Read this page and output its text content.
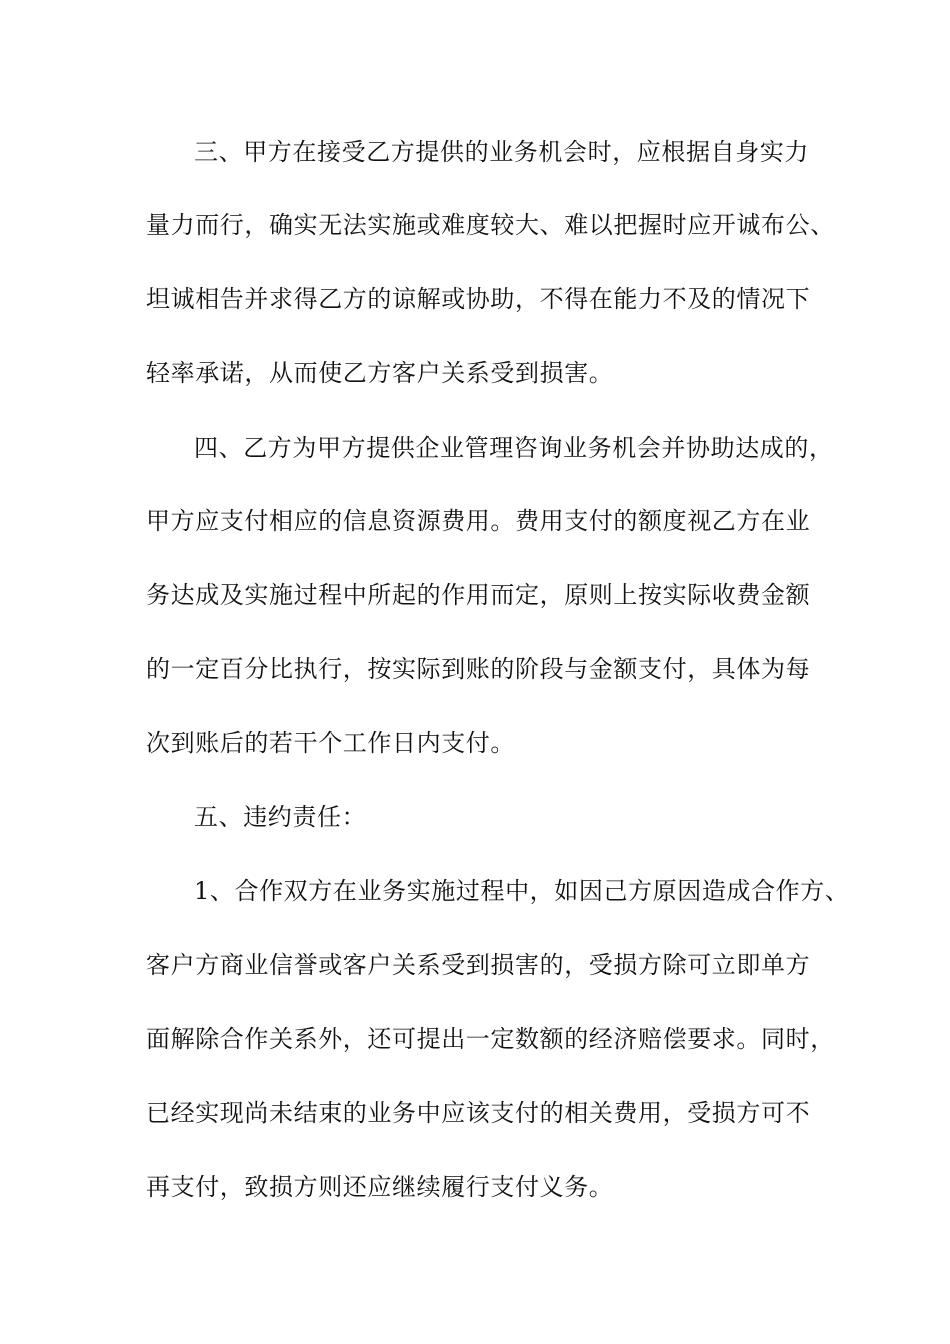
三、甲方在接受乙方提供的业务机会时，应根据自身实力
量力而行，确实无法实施或难度较大、难以把握时应开诚布公、
坦诚相告并求得乙方的谅解或协助，不得在能力不及的情况下
轻率承诺，从而使乙方客户关系受到损害。
四、乙方为甲方提供企业管理咨询业务机会并协助达成的，
甲方应支付相应的信息资源费用。费用支付的额度视乙方在业
务达成及实施过程中所起的作用而定，原则上按实际收费金额
的一定百分比执行，按实际到账的阶段与金额支付，具体为每
次到账后的若干个工作日内支付。
五、违约责任：
1、合作双方在业务实施过程中，如因己方原因造成合作方、
客户方商业信誉或客户关系受到损害的，受损方除可立即单方
面解除合作关系外，还可提出一定数额的经济赔偿要求。同时，
已经实现尚未结束的业务中应该支付的相关费用，受损方可不
再支付，致损方则还应继续履行支付义务。
